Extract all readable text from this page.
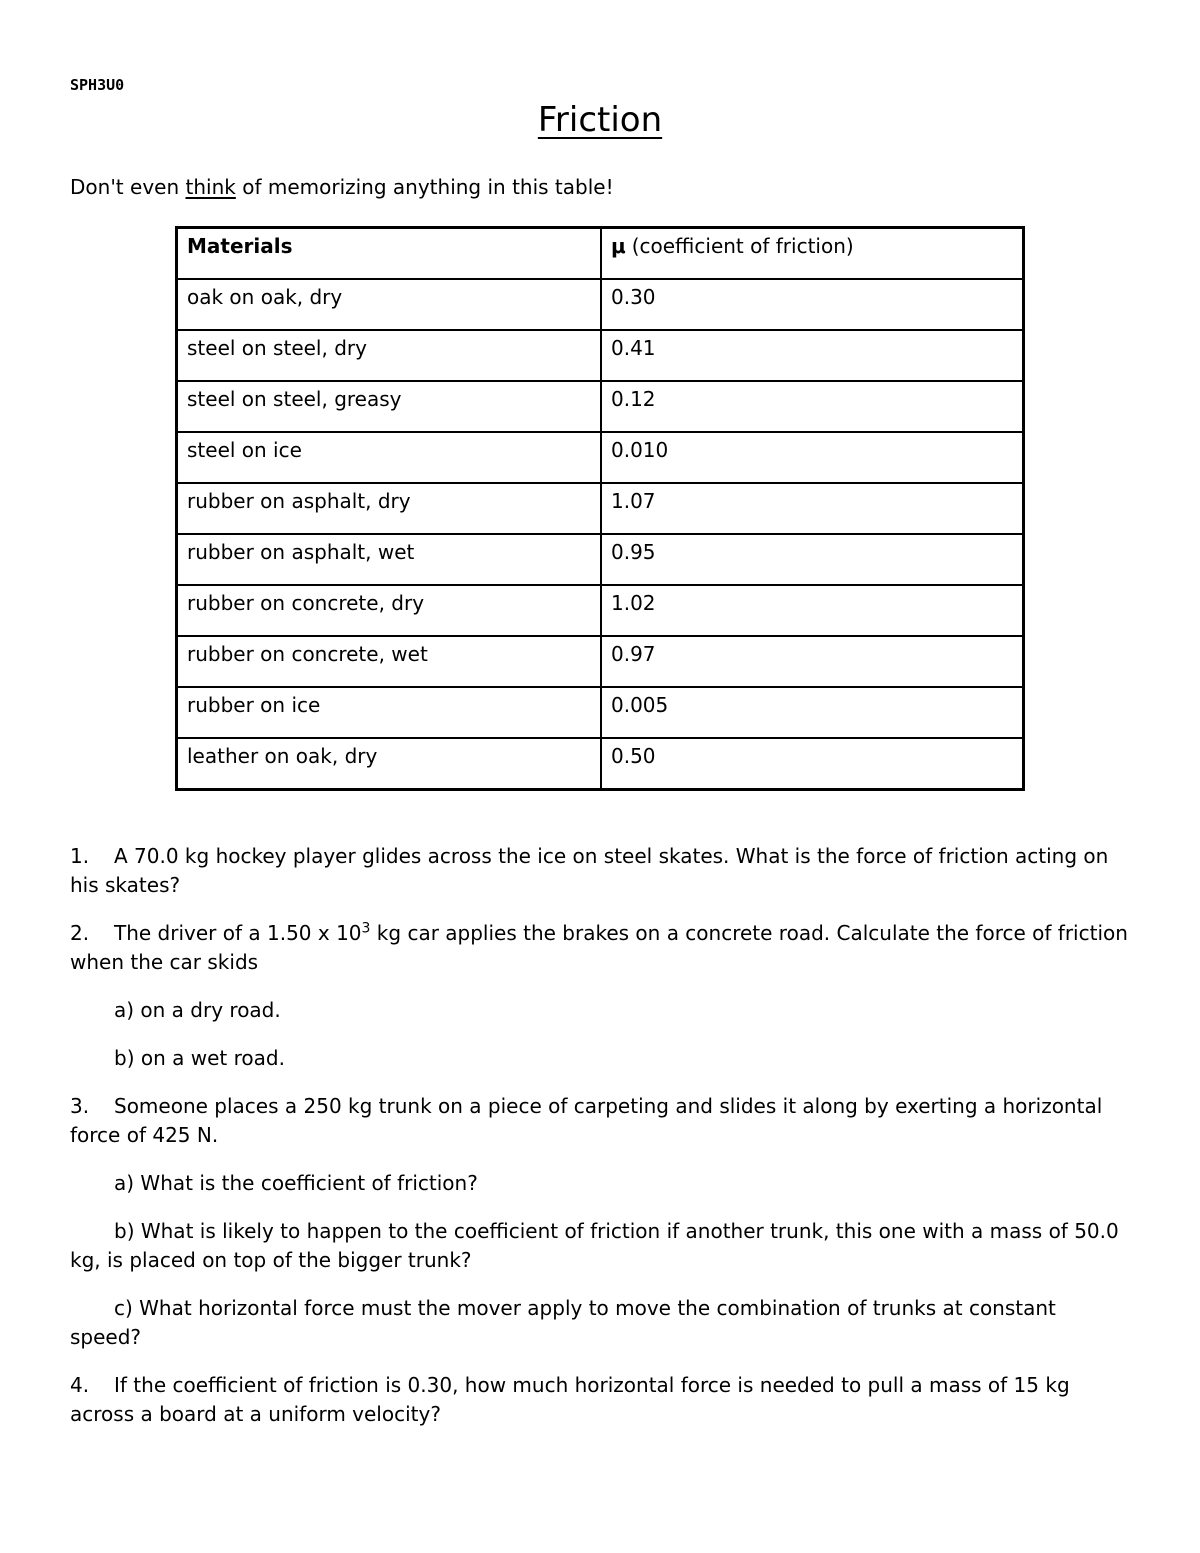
SPH3U0
Friction
Don't even think of memorizing anything in this table!
Materials	μ (coefficient of friction)
oak on oak, dry	0.30
steel on steel, dry	0.41
steel on steel, greasy	0.12
steel on ice	0.010
rubber on asphalt, dry	1.07
rubber on asphalt, wet	0.95
rubber on concrete, dry	1.02
rubber on concrete, wet	0.97
rubber on ice	0.005
leather on oak, dry	0.50

1. A 70.0 kg hockey player glides across the ice on steel skates. What is the force of friction acting on his skates?

2. The driver of a 1.50 x $10^3$ kg car applies the brakes on a concrete road. Calculate the force of friction when the car skids

a) on a dry road.

b) on a wet road.

3. Someone places a 250 kg trunk on a piece of carpeting and slides it along by exerting a horizontal force of 425 N.

a) What is the coefficient of friction?

b) What is likely to happen to the coefficient of friction if another trunk, this one with a mass of 50.0 kg, is placed on top of the bigger trunk?

c) What horizontal force must the mover apply to move the combination of trunks at constant speed?

4. If the coefficient of friction is 0.30, how much horizontal force is needed to pull a mass of 15 kg across a board at a uniform velocity?
